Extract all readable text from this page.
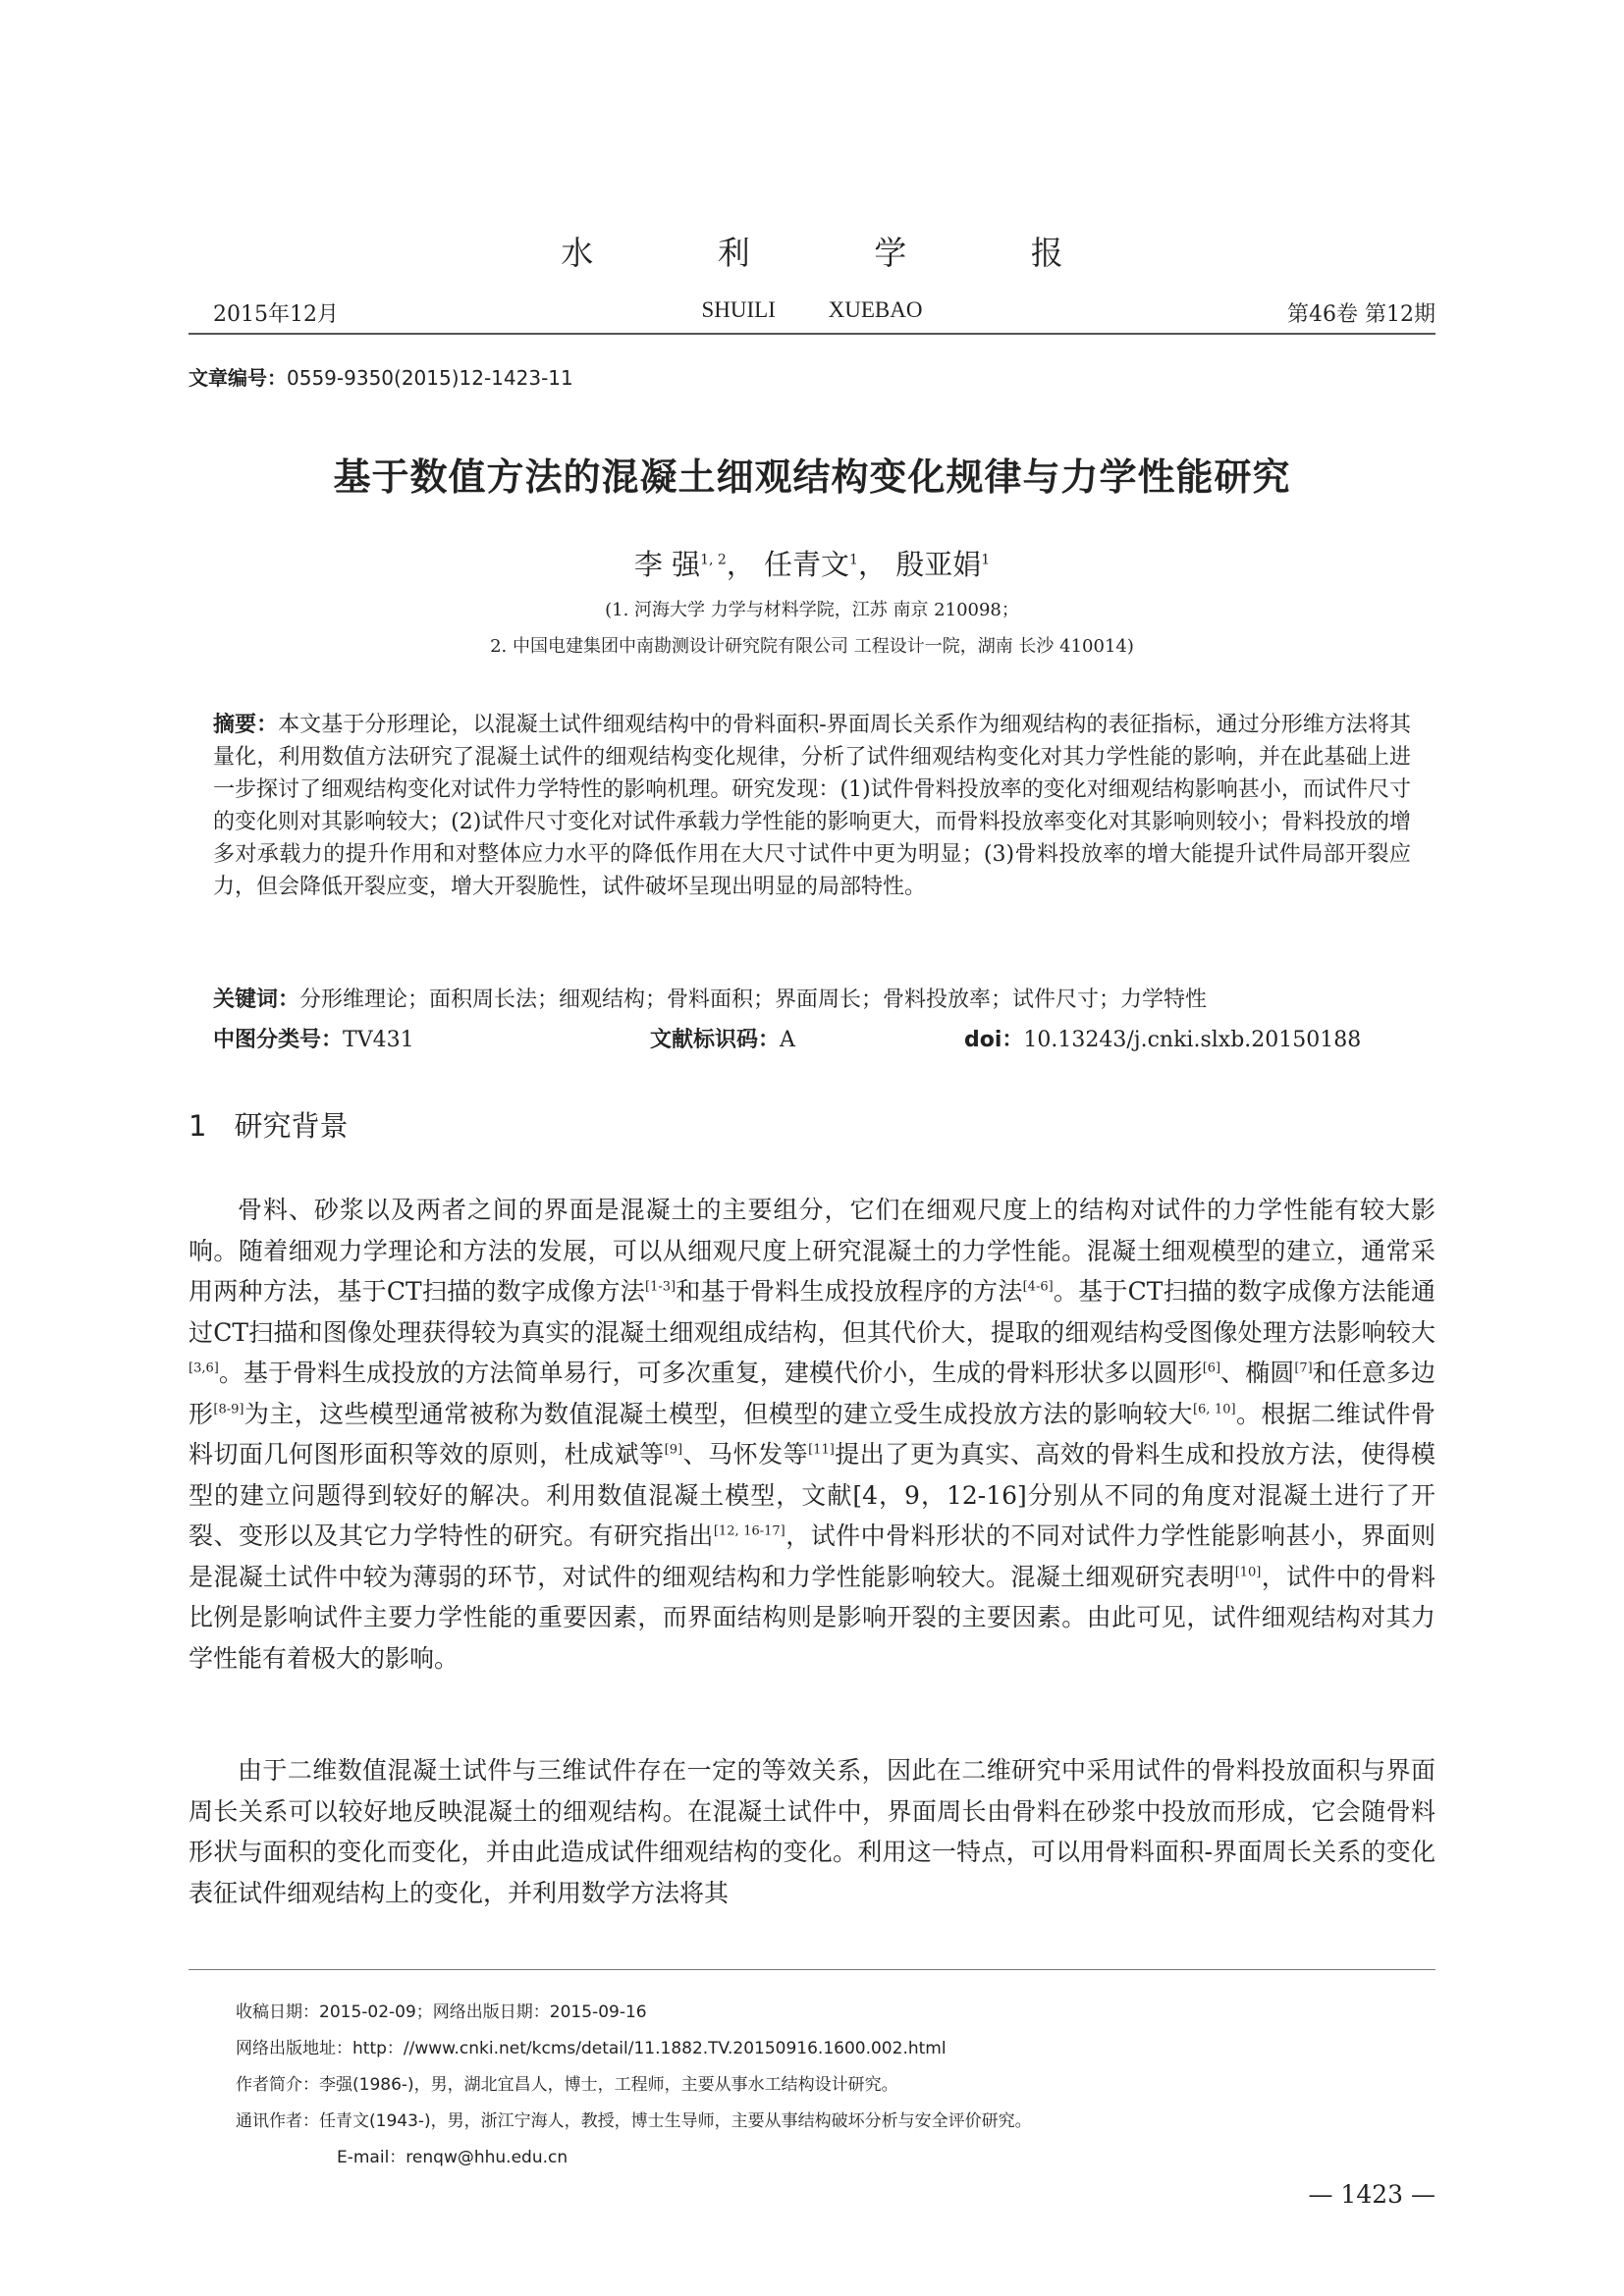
水 利 学 报
2015年12月	SHUILI XUEBAO	第46卷 第12期
文章编号：0559-9350(2015)12-1423-11
基于数值方法的混凝土细观结构变化规律与力学性能研究
李 强$^{1, 2}$， 任青文$^1$， 殷亚娟$^1$
(1. 河海大学 力学与材料学院，江苏 南京 210098；
2. 中国电建集团中南勘测设计研究院有限公司 工程设计一院，湖南 长沙 410014)
摘要：本文基于分形理论，以混凝土试件细观结构中的骨料面积-界面周长关系作为细观结构的表征指标，通过分形维方法将其量化，利用数值方法研究了混凝土试件的细观结构变化规律，分析了试件细观结构变化对其力学性能的影响，并在此基础上进一步探讨了细观结构变化对试件力学特性的影响机理。研究发现：(1)试件骨料投放率的变化对细观结构影响甚小，而试件尺寸的变化则对其影响较大；(2)试件尺寸变化对试件承载力学性能的影响更大，而骨料投放率变化对其影响则较小；骨料投放的增多对承载力的提升作用和对整体应力水平的降低作用在大尺寸试件中更为明显；(3)骨料投放率的增大能提升试件局部开裂应力，但会降低开裂应变，增大开裂脆性，试件破坏呈现出明显的局部特性。
关键词：分形维理论；面积周长法；细观结构；骨料面积；界面周长；骨料投放率；试件尺寸；力学特性
中图分类号：TV431	文献标识码：A	doi：10.13243/j.cnki.slxb.20150188
1 研究背景
骨料、砂浆以及两者之间的界面是混凝土的主要组分，它们在细观尺度上的结构对试件的力学性能有较大影响。随着细观力学理论和方法的发展，可以从细观尺度上研究混凝土的力学性能。混凝土细观模型的建立，通常采用两种方法，基于CT扫描的数字成像方法[1-3]和基于骨料生成投放程序的方法[4-6]。基于CT扫描的数字成像方法能通过CT扫描和图像处理获得较为真实的混凝土细观组成结构，但其代价大，提取的细观结构受图像处理方法影响较大[3,6]。基于骨料生成投放的方法简单易行，可多次重复，建模代价小，生成的骨料形状多以圆形[6]、椭圆[7]和任意多边形[8-9]为主，这些模型通常被称为数值混凝土模型，但模型的建立受生成投放方法的影响较大[6, 10]。根据二维试件骨料切面几何图形面积等效的原则，杜成斌等[9]、马怀发等[11]提出了更为真实、高效的骨料生成和投放方法，使得模型的建立问题得到较好的解决。利用数值混凝土模型，文献[4，9，12-16]分别从不同的角度对混凝土进行了开裂、变形以及其它力学特性的研究。有研究指出[12, 16-17]，试件中骨料形状的不同对试件力学性能影响甚小，界面则是混凝土试件中较为薄弱的环节，对试件的细观结构和力学性能影响较大。混凝土细观研究表明[10]，试件中的骨料比例是影响试件主要力学性能的重要因素，而界面结构则是影响开裂的主要因素。由此可见，试件细观结构对其力学性能有着极大的影响。
由于二维数值混凝土试件与三维试件存在一定的等效关系，因此在二维研究中采用试件的骨料投放面积与界面周长关系可以较好地反映混凝土的细观结构。在混凝土试件中，界面周长由骨料在砂浆中投放而形成，它会随骨料形状与面积的变化而变化，并由此造成试件细观结构的变化。利用这一特点，可以用骨料面积-界面周长关系的变化表征试件细观结构上的变化，并利用数学方法将其
收稿日期：2015-02-09；网络出版日期：2015-09-16
网络出版地址：http：//www.cnki.net/kcms/detail/11.1882.TV.20150916.1600.002.html
作者简介：李强(1986-)，男，湖北宜昌人，博士，工程师，主要从事水工结构设计研究。
通讯作者：任青文(1943-)，男，浙江宁海人，教授，博士生导师，主要从事结构破坏分析与安全评价研究。
E-mail：renqw@hhu.edu.cn
— 1423 —
